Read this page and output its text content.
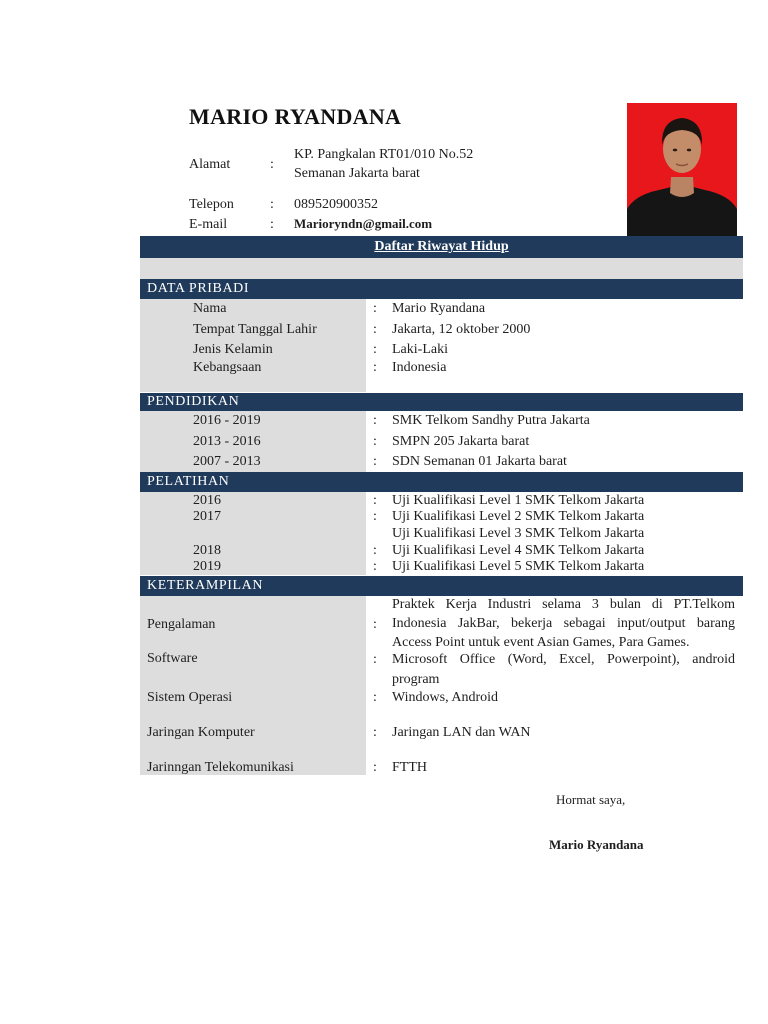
MARIO RYANDANA
Alamat	:
KP. Pangkalan RT01/010 No.52
Semanan Jakarta barat
Telepon	: 089520900352
E-mail	: Marioryndn@gmail.com
Daftar Riwayat Hidup
DATA PRIBADI
Nama	: Mario Ryandana
Tempat Tanggal Lahir	: Jakarta, 12 oktober 2000
Jenis Kelamin	: Laki-Laki
Kebangsaan	: Indonesia
PENDIDIKAN
2016 - 2019	: SMK Telkom Sandhy Putra Jakarta
2013 - 2016	: SMPN 205 Jakarta barat
2007 - 2013	: SDN Semanan 01 Jakarta barat
PELATIHAN
2016	: Uji Kualifikasi Level 1 SMK Telkom Jakarta
2017	: Uji Kualifikasi Level 2 SMK Telkom Jakarta
Uji Kualifikasi Level 3 SMK Telkom Jakarta
2018	: Uji Kualifikasi Level 4 SMK Telkom Jakarta
2019	: Uji Kualifikasi Level 5 SMK Telkom Jakarta
KETERAMPILAN
Pengalaman	:
Praktek Kerja Industri selama 3 bulan di PT.Telkom
Indonesia JakBar, bekerja sebagai input/output barang
Access Point untuk event Asian Games, Para Games.
Software	: Microsoft Office (Word, Excel, Powerpoint), android
program
Sistem Operasi	: Windows, Android
Jaringan Komputer	: Jaringan LAN dan WAN
Jarinngan Telekomunikasi	: FTTH
Hormat saya,
Mario Ryandana
